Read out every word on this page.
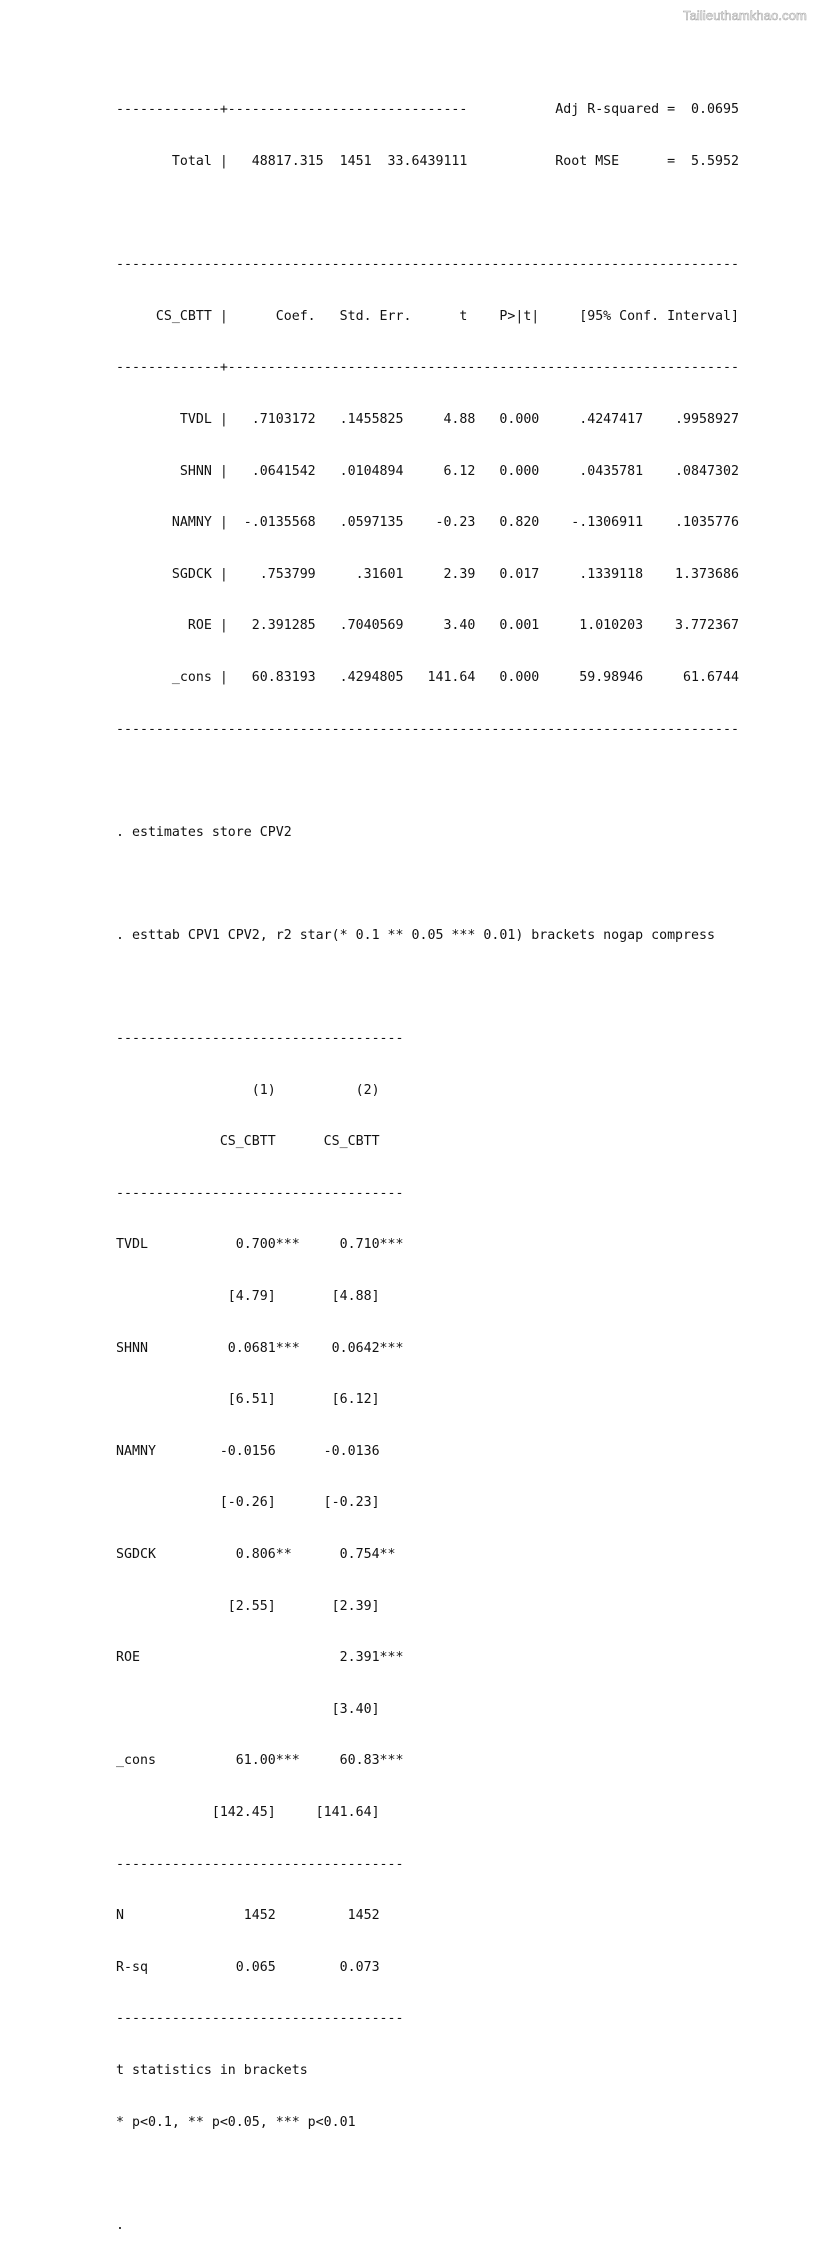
Tailieuthamkhao.com

-------------+------------------------------           Adj R-squared =  0.0695

Total |   48817.315  1451  33.6439111           Root MSE      =  5.5952

------------------------------------------------------------------------------

CS_CBTT |      Coef.   Std. Err.      t    P>|t|     [95% Conf. Interval]

-------------+----------------------------------------------------------------

TVDL |   .7103172   .1455825     4.88   0.000     .4247417    .9958927

SHNN |   .0641542   .0104894     6.12   0.000     .0435781    .0847302

NAMNY |  -.0135568   .0597135    -0.23   0.820    -.1306911    .1035776

SGDCK |    .753799     .31601     2.39   0.017     .1339118    1.373686

ROE |   2.391285   .7040569     3.40   0.001     1.010203    3.772367

_cons |   60.83193   .4294805   141.64   0.000     59.98946     61.6744

------------------------------------------------------------------------------

. estimates store CPV2

. esttab CPV1 CPV2, r2 star(* 0.1 ** 0.05 *** 0.01) brackets nogap compress

------------------------------------

(1)          (2)

CS_CBTT      CS_CBTT

------------------------------------

TVDL           0.700***     0.710***

[4.79]       [4.88]

SHNN          0.0681***    0.0642***

[6.51]       [6.12]

NAMNY        -0.0156      -0.0136

[-0.26]      [-0.23]

SGDCK          0.806**      0.754**

[2.55]       [2.39]

ROE                         2.391***

[3.40]

_cons          61.00***     60.83***

[142.45]     [141.64]

------------------------------------

N               1452         1452

R-sq           0.065        0.073

------------------------------------

t statistics in brackets

* p<0.1, ** p<0.05, *** p<0.01

.
